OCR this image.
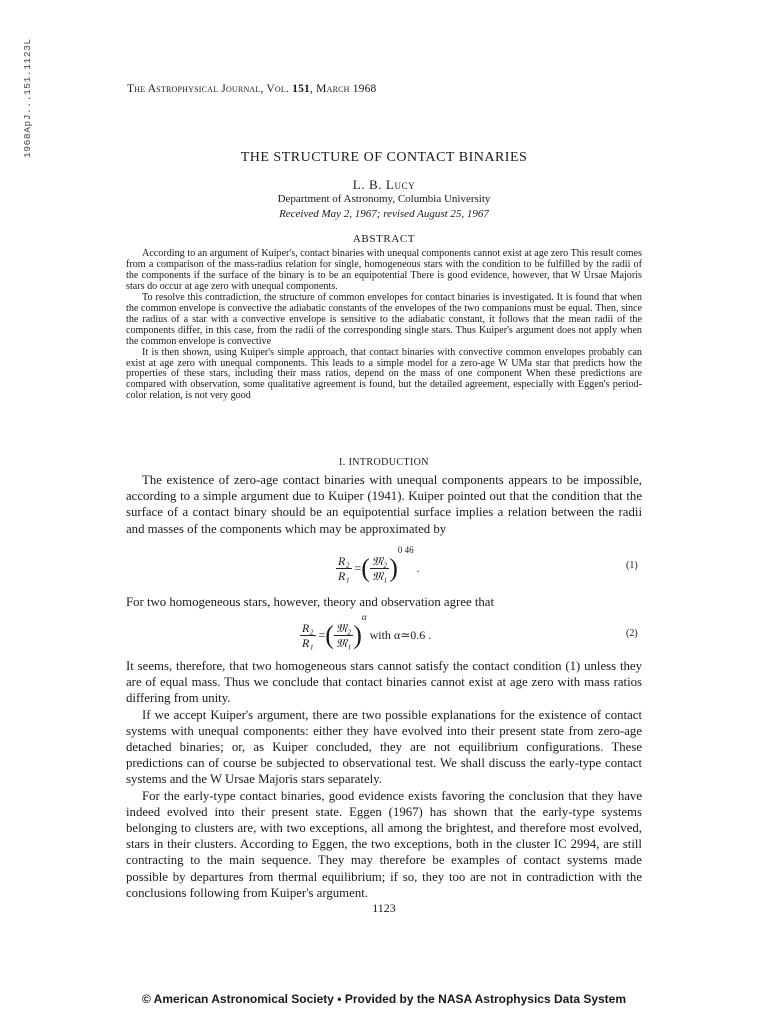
1968ApJ...151.1123L	The Astrophysical Journal, Vol. 151, March 1968
THE STRUCTURE OF CONTACT BINARIES
L. B. Lucy
Department of Astronomy, Columbia University
Received May 2, 1967; revised August 25, 1967
ABSTRACT

According to an argument of Kuiper's, contact binaries with unequal components cannot exist at age zero This result comes from a comparison of the mass-radius relation for single, homogeneous stars with the condition to be fulfilled by the radii of the components if the surface of the binary is to be an equipotential There is good evidence, however, that W Ursae Majoris stars do occur at age zero with unequal components.

To resolve this contradiction, the structure of common envelopes for contact binaries is investigated. It is found that when the common envelope is convective the adiabatic constants of the envelopes of the two companions must be equal. Then, since the radius of a star with a convective envelope is sensitive to the adiabatic constant, it follows that the mean radii of the components differ, in this case, from the radii of the corresponding single stars. Thus Kuiper's argument does not apply when the common envelope is convective

It is then shown, using Kuiper's simple approach, that contact binaries with convective common envelopes probably can exist at age zero with unequal components. This leads to a simple model for a zero-age W UMa star that predicts how the properties of these stars, including their mass ratios, depend on the mass of one component When these predictions are compared with observation, some qualitative agreement is found, but the detailed agreement, especially with Eggen's period-color relation, is not very good

I. INTRODUCTION

The existence of zero-age contact binaries with unequal components appears to be impossible, according to a simple argument due to Kuiper (1941). Kuiper pointed out that the condition that the surface of a contact binary should be an equipotential surface implies a relation between the radii and masses of the components which may be approximated by

$\frac{\text{R₂}}{\text{R₁}}$ =( $\frac{\text{𝔐₂}}{\text{𝔐₁}} )^{0 46}$ .	(1)

For two homogeneous stars, however, theory and observation agree that

$\frac{\text{R₂}}{\text{R₁}}$ =( $\frac{\text{𝔐₂}}{\text{𝔐₁}} )^\alpha$ with α≃0.6 .	(2)

It seems, therefore, that two homogeneous stars cannot satisfy the contact condition (1) unless they are of equal mass. Thus we conclude that contact binaries cannot exist at age zero with mass ratios differing from unity.

If we accept Kuiper's argument, there are two possible explanations for the existence of contact systems with unequal components: either they have evolved into their present state from zero-age detached binaries; or, as Kuiper concluded, they are not equilibrium configurations. These predictions can of course be subjected to observational test. We shall discuss the early-type contact systems and the W Ursae Majoris stars separately.

For the early-type contact binaries, good evidence exists favoring the conclusion that they have indeed evolved into their present state. Eggen (1967) has shown that the early-type systems belonging to clusters are, with two exceptions, all among the brightest, and therefore most evolved, stars in their clusters. According to Eggen, the two exceptions, both in the cluster IC 2994, are still contracting to the main sequence. They may therefore be examples of contact systems made possible by departures from thermal equilibrium; if so, they too are not in contradiction with the conclusions following from Kuiper's argument.

1123
© American Astronomical Society • Provided by the NASA Astrophysics Data System
